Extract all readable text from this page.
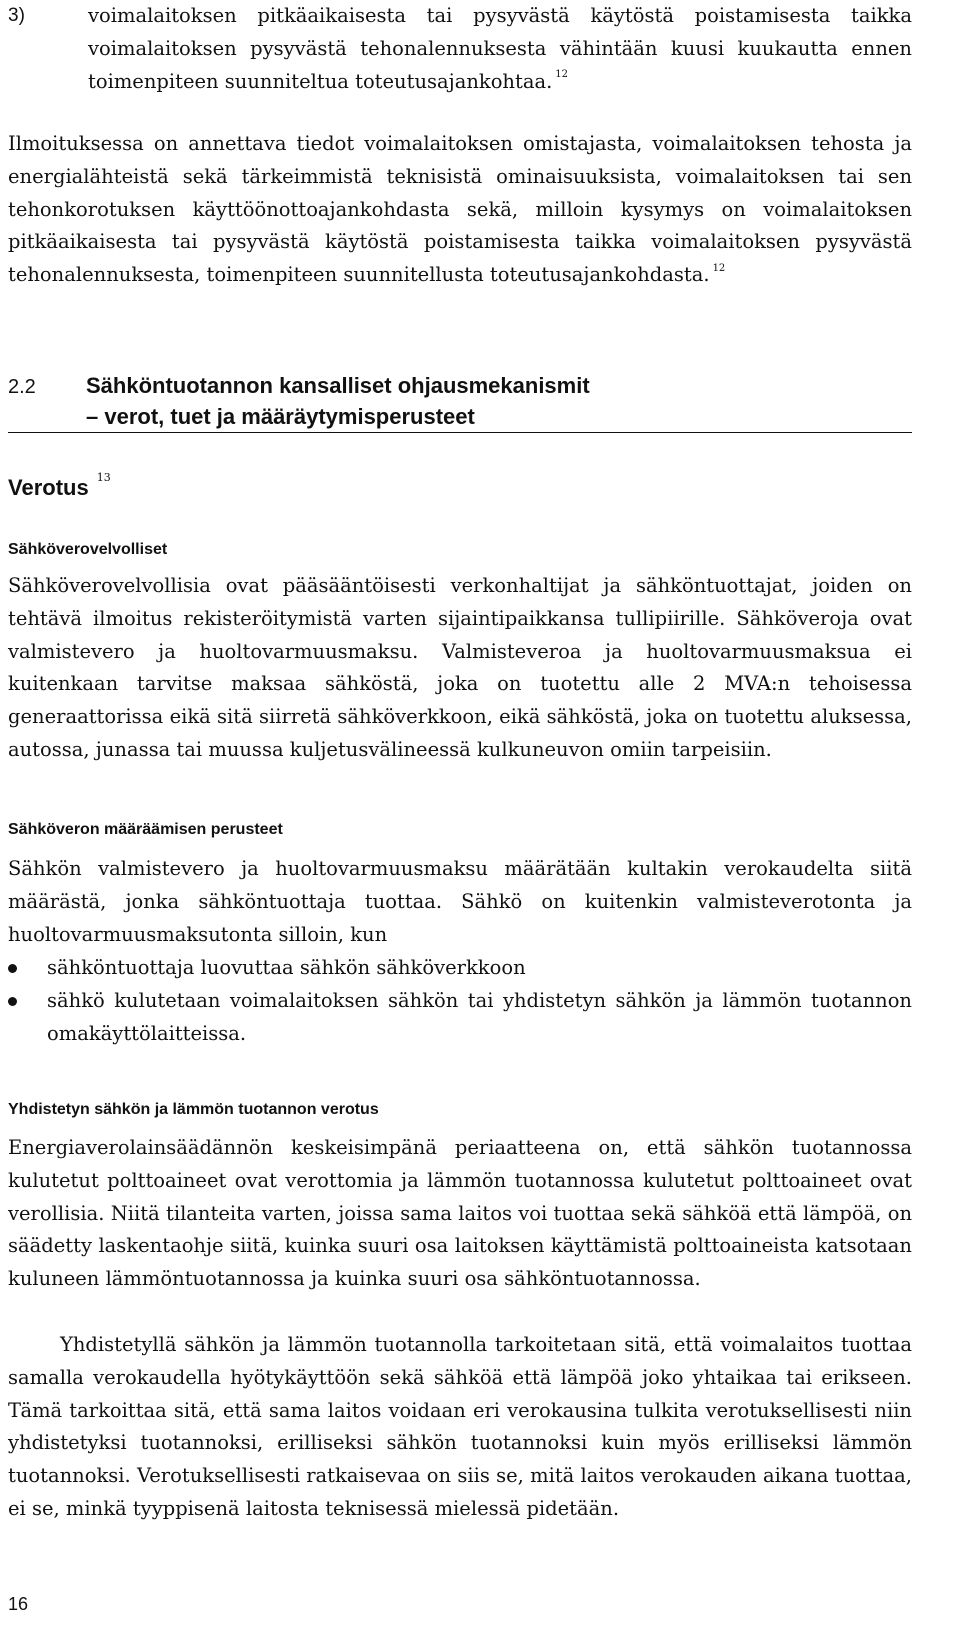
3)	voimalaitoksen pitkäaikaisesta tai pysyvästä käytöstä poistamisesta taikka voimalaitoksen pysyvästä tehonalennuksesta vähintään kuusi kuukautta ennen toimenpiteen suunniteltua toteutusajankohtaa. $^{12}$

Ilmoituksessa on annettava tiedot voimalaitoksen omistajasta, voimalaitoksen tehosta ja energialähteistä sekä tärkeimmistä teknisistä ominaisuuksista, voimalaitoksen tai sen tehonkorotuksen käyttöönottoajankohdasta sekä, milloin kysymys on voimalaitoksen pitkäaikaisesta tai pysyvästä käytöstä poistamisesta taikka voimalaitoksen pysyvästä tehonalennuksesta, toimenpiteen suunnitellusta toteutusajankohdasta. $^{12}$

2.2 Sähköntuotannon kansalliset ohjausmekanismit
– verot, tuet ja määräytymisperusteet
Verotus $^{13}$
Sähköverovelvolliset

Sähköverovelvollisia ovat pääsääntöisesti verkonhaltijat ja sähköntuottajat, joiden on tehtävä ilmoitus rekisteröitymistä varten sijaintipaikkansa tullipiirille. Sähköveroja ovat valmistevero ja huoltovarmuusmaksu. Valmisteveroa ja huoltovarmuusmaksua ei kuitenkaan tarvitse maksaa sähköstä, joka on tuotettu alle 2 MVA:n tehoisessa generaattorissa eikä sitä siirretä sähköverkkoon, eikä sähköstä, joka on tuotettu aluksessa, autossa, junassa tai muussa kuljetusvälineessä kulkuneuvon omiin tarpeisiin.

Sähköveron määräämisen perusteet

Sähkön valmistevero ja huoltovarmuusmaksu määrätään kultakin verokaudelta siitä määrästä, jonka sähköntuottaja tuottaa. Sähkö on kuitenkin valmisteverotonta ja huoltovarmuusmaksutonta silloin, kun

sähköntuottaja luovuttaa sähkön sähköverkkoon
sähkö kulutetaan voimalaitoksen sähkön tai yhdistetyn sähkön ja lämmön tuotannon omakäyttölaitteissa.
Yhdistetyn sähkön ja lämmön tuotannon verotus

Energiaverolainsäädännön keskeisimpänä periaatteena on, että sähkön tuotannossa kulutetut polttoaineet ovat verottomia ja lämmön tuotannossa kulutetut polttoaineet ovat verollisia. Niitä tilanteita varten, joissa sama laitos voi tuottaa sekä sähköä että lämpöä, on säädetty laskentaohje siitä, kuinka suuri osa laitoksen käyttämistä polttoaineista katsotaan kuluneen lämmöntuotannossa ja kuinka suuri osa sähköntuotannossa.

Yhdistetyllä sähkön ja lämmön tuotannolla tarkoitetaan sitä, että voimalaitos tuottaa samalla verokaudella hyötykäyttöön sekä sähköä että lämpöä joko yhtaikaa tai erikseen. Tämä tarkoittaa sitä, että sama laitos voidaan eri verokausina tulkita verotuksellisesti niin yhdistetyksi tuotannoksi, erilliseksi sähkön tuotannoksi kuin myös erilliseksi lämmön tuotannoksi. Verotuksellisesti ratkaisevaa on siis se, mitä laitos verokauden aikana tuottaa, ei se, minkä tyyppisenä laitosta teknisessä mielessä pidetään.

16
